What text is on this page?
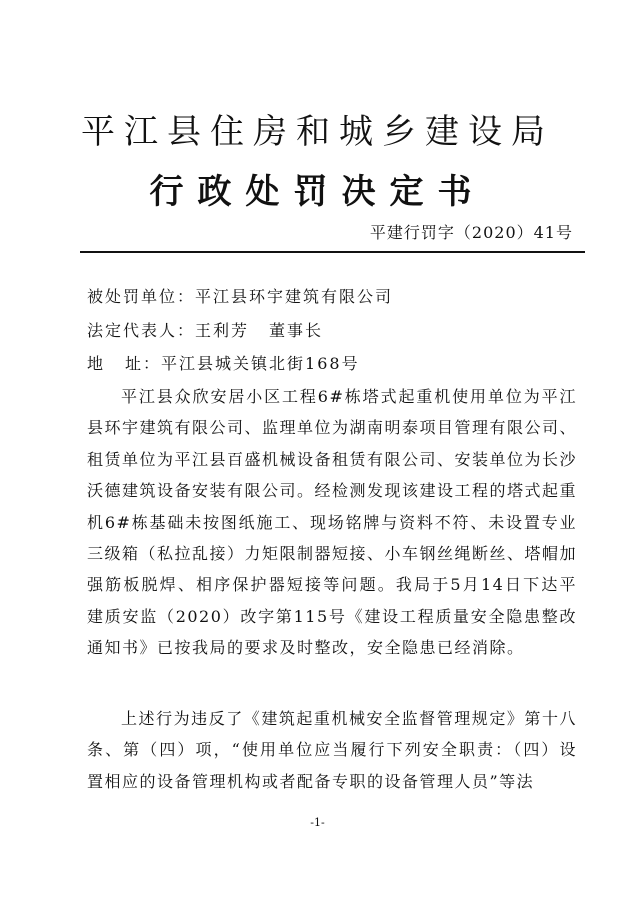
平江县住房和城乡建设局
行政处罚决定书
平建行罚字（2020）41号
被处罚单位：平江县环宇建筑有限公司
法定代表人：王利芳 董事长
地 址：平江县城关镇北街168号
平江县众欣安居小区工程6#栋塔式起重机使用单位为平江县环宇建筑有限公司、监理单位为湖南明泰项目管理有限公司、租赁单位为平江县百盛机械设备租赁有限公司、安装单位为长沙沃德建筑设备安装有限公司。经检测发现该建设工程的塔式起重机6#栋基础未按图纸施工、现场铭牌与资料不符、未设置专业三级箱（私拉乱接）力矩限制器短接、小车钢丝绳断丝、塔帽加强筋板脱焊、相序保护器短接等问题。我局于5月14日下达平建质安监（2020）改字第115号《建设工程质量安全隐患整改通知书》已按我局的要求及时整改，安全隐患已经消除。
上述行为违反了《建筑起重机械安全监督管理规定》第十八条、第（四）项，“使用单位应当履行下列安全职责：（四）设置相应的设备管理机构或者配备专职的设备管理人员”等法
-1-
